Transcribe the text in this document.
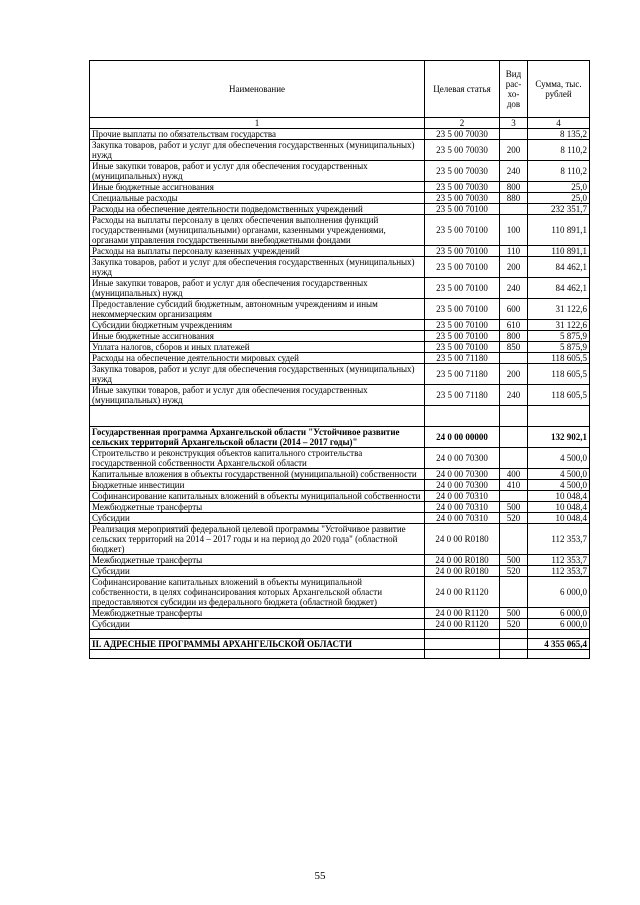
Наименование	Целевая статья	Вид рас-хо-дов	Сумма, тыс. рублей
1	2	3	4
Прочие выплаты по обязательствам государства	23 5 00 70030		8 135,2
Закупка товаров, работ и услуг для обеспечения государственных (муниципальных) нужд	23 5 00 70030	200	8 110,2
Иные закупки товаров, работ и услуг для обеспечения государственных (муниципальных) нужд	23 5 00 70030	240	8 110,2
Иные бюджетные ассигнования	23 5 00 70030	800	25,0
Специальные расходы	23 5 00 70030	880	25,0
Расходы на обеспечение деятельности подведомственных учреждений	23 5 00 70100		232 351,7
Расходы на выплаты персоналу в целях обеспечения выполнения функций государственными (муниципальными) органами, казенными учреждениями, органами управления государственными внебюджетными фондами	23 5 00 70100	100	110 891,1
Расходы на выплаты персоналу казенных учреждений	23 5 00 70100	110	110 891,1
Закупка товаров, работ и услуг для обеспечения государственных (муниципальных) нужд	23 5 00 70100	200	84 462,1
Иные закупки товаров, работ и услуг для обеспечения государственных (муниципальных) нужд	23 5 00 70100	240	84 462,1
Предоставление субсидий бюджетным, автономным учреждениям и иным некоммерческим организациям	23 5 00 70100	600	31 122,6
Субсидии бюджетным учреждениям	23 5 00 70100	610	31 122,6
Иные бюджетные ассигнования	23 5 00 70100	800	5 875,9
Уплата налогов, сборов и иных платежей	23 5 00 70100	850	5 875,9
Расходы на обеспечение деятельности мировых судей	23 5 00 71180		118 605,5
Закупка товаров, работ и услуг для обеспечения государственных (муниципальных) нужд	23 5 00 71180	200	118 605,5
Иные закупки товаров, работ и услуг для обеспечения государственных (муниципальных) нужд	23 5 00 71180	240	118 605,5

Государственная программа Архангельской области "Устойчивое развитие сельских территорий Архангельской области (2014 – 2017 годы)"	24 0 00 00000		132 902,1
Строительство и реконструкция объектов капитального строительства государственной собственности Архангельской области	24 0 00 70300		4 500,0
Капитальные вложения в объекты государственной (муниципальной) собственности	24 0 00 70300	400	4 500,0
Бюджетные инвестиции	24 0 00 70300	410	4 500,0
Софинансирование капитальных вложений в объекты муниципальной собственности	24 0 00 70310		10 048,4
Межбюджетные трансферты	24 0 00 70310	500	10 048,4
Субсидии	24 0 00 70310	520	10 048,4
Реализация мероприятий федеральной целевой программы "Устойчивое развитие сельских территорий на 2014 – 2017 годы и на период до 2020 года" (областной бюджет)	24 0 00 R0180		112 353,7
Межбюджетные трансферты	24 0 00 R0180	500	112 353,7
Субсидии	24 0 00 R0180	520	112 353,7
Софинансирование капитальных вложений в объекты муниципальной собственности, в целях софинансирования которых Архангельской области предоставляются субсидии из федерального бюджета (областной бюджет)	24 0 00 R1120		6 000,0
Межбюджетные трансферты	24 0 00 R1120	500	6 000,0
Субсидии	24 0 00 R1120	520	6 000,0

II. АДРЕСНЫЕ ПРОГРАММЫ АРХАНГЕЛЬСКОЙ ОБЛАСТИ			4 355 065,4

55
